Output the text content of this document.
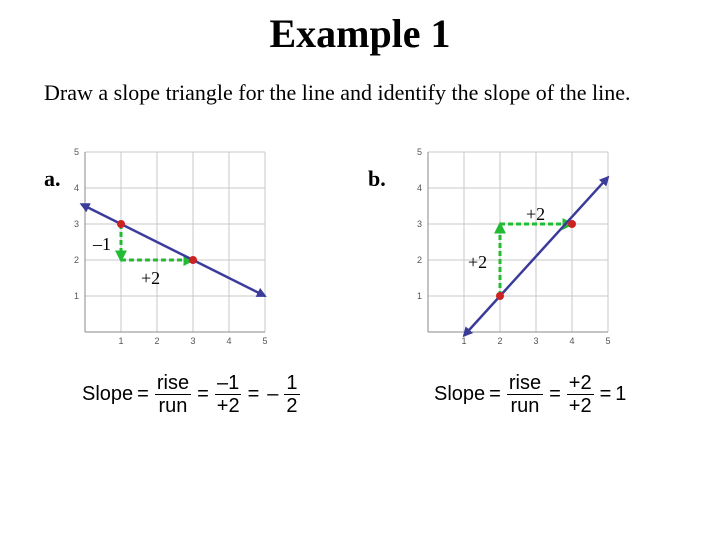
Example 1
Draw a slope triangle for the line and identify the slope of the line.
a.	b.
1	2	3	4	5
1
2
3
4
5
–1
+2
1	2	3	4	5
1
2
3
4
5
+2
+2
Slope = $\frac{\text{rise}}{\text{run}} = \frac{-1}{+2}$ = – $\frac{1}{2}$	Slope = $\frac{\text{rise}}{\text{run}} = \frac{+2}{+2} = 1$
